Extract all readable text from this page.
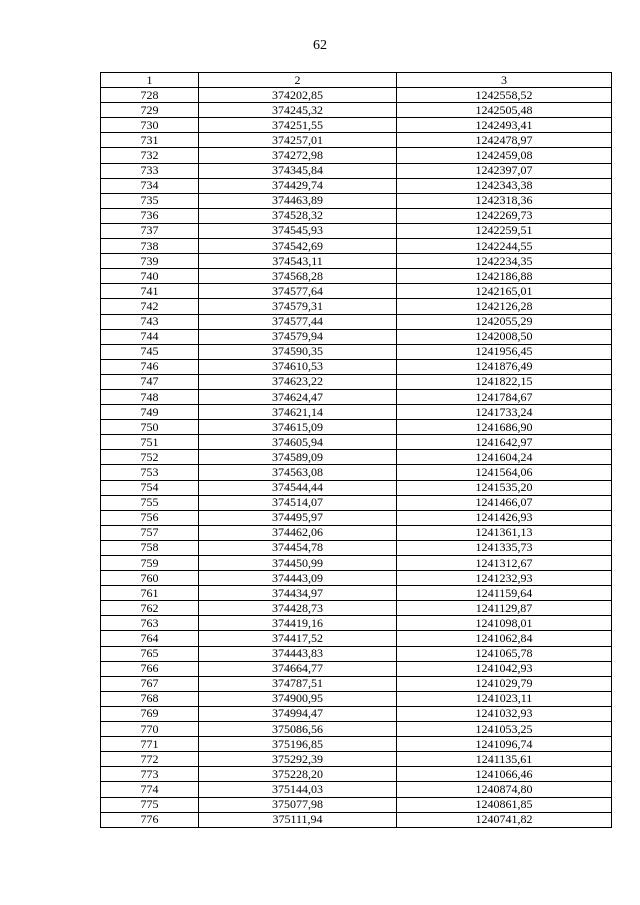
62
1	2	3
728	374202,85	1242558,52
729	374245,32	1242505,48
730	374251,55	1242493,41
731	374257,01	1242478,97
732	374272,98	1242459,08
733	374345,84	1242397,07
734	374429,74	1242343,38
735	374463,89	1242318,36
736	374528,32	1242269,73
737	374545,93	1242259,51
738	374542,69	1242244,55
739	374543,11	1242234,35
740	374568,28	1242186,88
741	374577,64	1242165,01
742	374579,31	1242126,28
743	374577,44	1242055,29
744	374579,94	1242008,50
745	374590,35	1241956,45
746	374610,53	1241876,49
747	374623,22	1241822,15
748	374624,47	1241784,67
749	374621,14	1241733,24
750	374615,09	1241686,90
751	374605,94	1241642,97
752	374589,09	1241604,24
753	374563,08	1241564,06
754	374544,44	1241535,20
755	374514,07	1241466,07
756	374495,97	1241426,93
757	374462,06	1241361,13
758	374454,78	1241335,73
759	374450,99	1241312,67
760	374443,09	1241232,93
761	374434,97	1241159,64
762	374428,73	1241129,87
763	374419,16	1241098,01
764	374417,52	1241062,84
765	374443,83	1241065,78
766	374664,77	1241042,93
767	374787,51	1241029,79
768	374900,95	1241023,11
769	374994,47	1241032,93
770	375086,56	1241053,25
771	375196,85	1241096,74
772	375292,39	1241135,61
773	375228,20	1241066,46
774	375144,03	1240874,80
775	375077,98	1240861,85
776	375111,94	1240741,82
